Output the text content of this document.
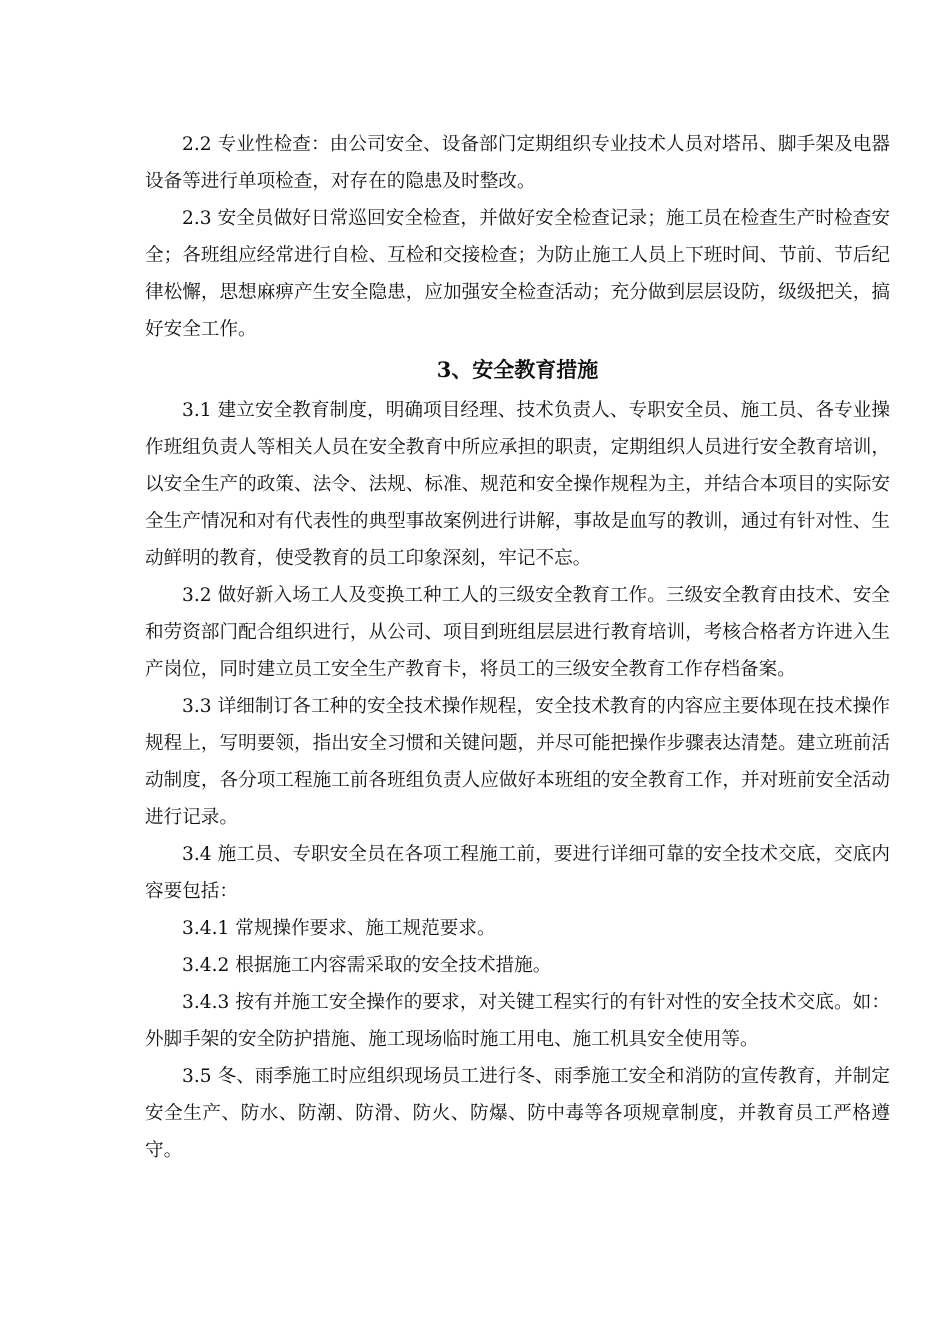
2.2 专业性检查：由公司安全、设备部门定期组织专业技术人员对塔吊、脚手架及电器设备等进行单项检查，对存在的隐患及时整改。

2.3 安全员做好日常巡回安全检查，并做好安全检查记录；施工员在检查生产时检查安全；各班组应经常进行自检、互检和交接检查；为防止施工人员上下班时间、节前、节后纪律松懈，思想麻痹产生安全隐患，应加强安全检查活动；充分做到层层设防，级级把关，搞好安全工作。

3、安全教育措施

3.1 建立安全教育制度，明确项目经理、技术负责人、专职安全员、施工员、各专业操作班组负责人等相关人员在安全教育中所应承担的职责，定期组织人员进行安全教育培训，以安全生产的政策、法令、法规、标准、规范和安全操作规程为主，并结合本项目的实际安全生产情况和对有代表性的典型事故案例进行讲解，事故是血写的教训，通过有针对性、生动鲜明的教育，使受教育的员工印象深刻，牢记不忘。

3.2 做好新入场工人及变换工种工人的三级安全教育工作。三级安全教育由技术、安全和劳资部门配合组织进行，从公司、项目到班组层层进行教育培训，考核合格者方许进入生产岗位，同时建立员工安全生产教育卡，将员工的三级安全教育工作存档备案。

3.3 详细制订各工种的安全技术操作规程，安全技术教育的内容应主要体现在技术操作规程上，写明要领，指出安全习惯和关键问题，并尽可能把操作步骤表达清楚。建立班前活动制度，各分项工程施工前各班组负责人应做好本班组的安全教育工作，并对班前安全活动进行记录。

3.4 施工员、专职安全员在各项工程施工前，要进行详细可靠的安全技术交底，交底内容要包括：

3.4.1 常规操作要求、施工规范要求。

3.4.2 根据施工内容需采取的安全技术措施。

3.4.3 按有并施工安全操作的要求，对关键工程实行的有针对性的安全技术交底。如：外脚手架的安全防护措施、施工现场临时施工用电、施工机具安全使用等。

3.5 冬、雨季施工时应组织现场员工进行冬、雨季施工安全和消防的宣传教育，并制定安全生产、防水、防潮、防滑、防火、防爆、防中毒等各项规章制度，并教育员工严格遵守。
